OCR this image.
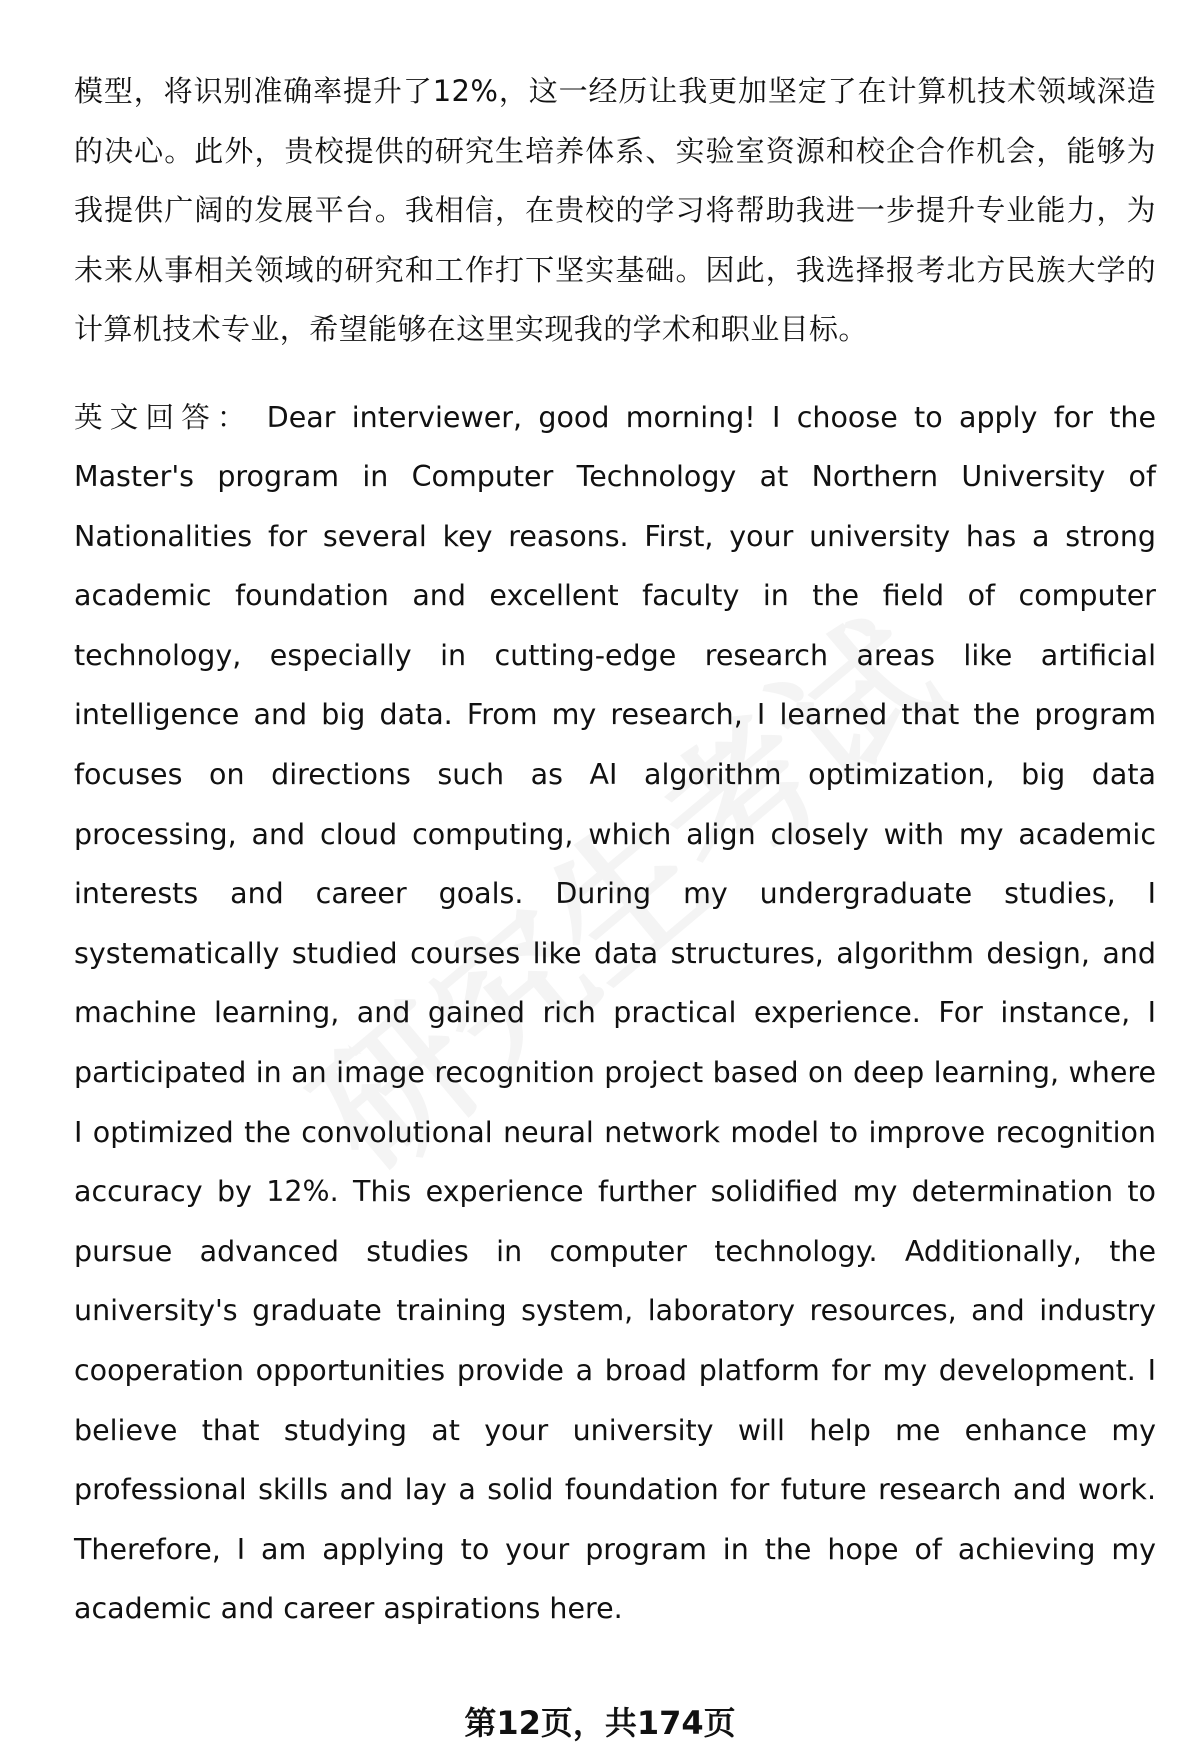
模型，将识别准确率提升了12%，这一经历让我更加坚定了在计算机技术领域深造的决心。此外，贵校提供的研究生培养体系、实验室资源和校企合作机会，能够为我提供广阔的发展平台。我相信，在贵校的学习将帮助我进一步提升专业能力，为未来从事相关领域的研究和工作打下坚实基础。因此，我选择报考北方民族大学的计算机技术专业，希望能够在这里实现我的学术和职业目标。

英文回答： Dear interviewer, good morning! I choose to apply for the Master's program in Computer Technology at Northern University of Nationalities for several key reasons. First, your university has a strong academic foundation and excellent faculty in the field of computer technology, especially in cutting-edge research areas like artificial intelligence and big data. From my research, I learned that the program focuses on directions such as AI algorithm optimization, big data processing, and cloud computing, which align closely with my academic interests and career goals. During my undergraduate studies, I systematically studied courses like data structures, algorithm design, and machine learning, and gained rich practical experience. For instance, I participated in an image recognition project based on deep learning, where I optimized the convolutional neural network model to improve recognition accuracy by 12%. This experience further solidified my determination to pursue advanced studies in computer technology. Additionally, the university's graduate training system, laboratory resources, and industry cooperation opportunities provide a broad platform for my development. I believe that studying at your university will help me enhance my professional skills and lay a solid foundation for future research and work. Therefore, I am applying to your program in the hope of achieving my academic and career aspirations here.

第12页，共174页
